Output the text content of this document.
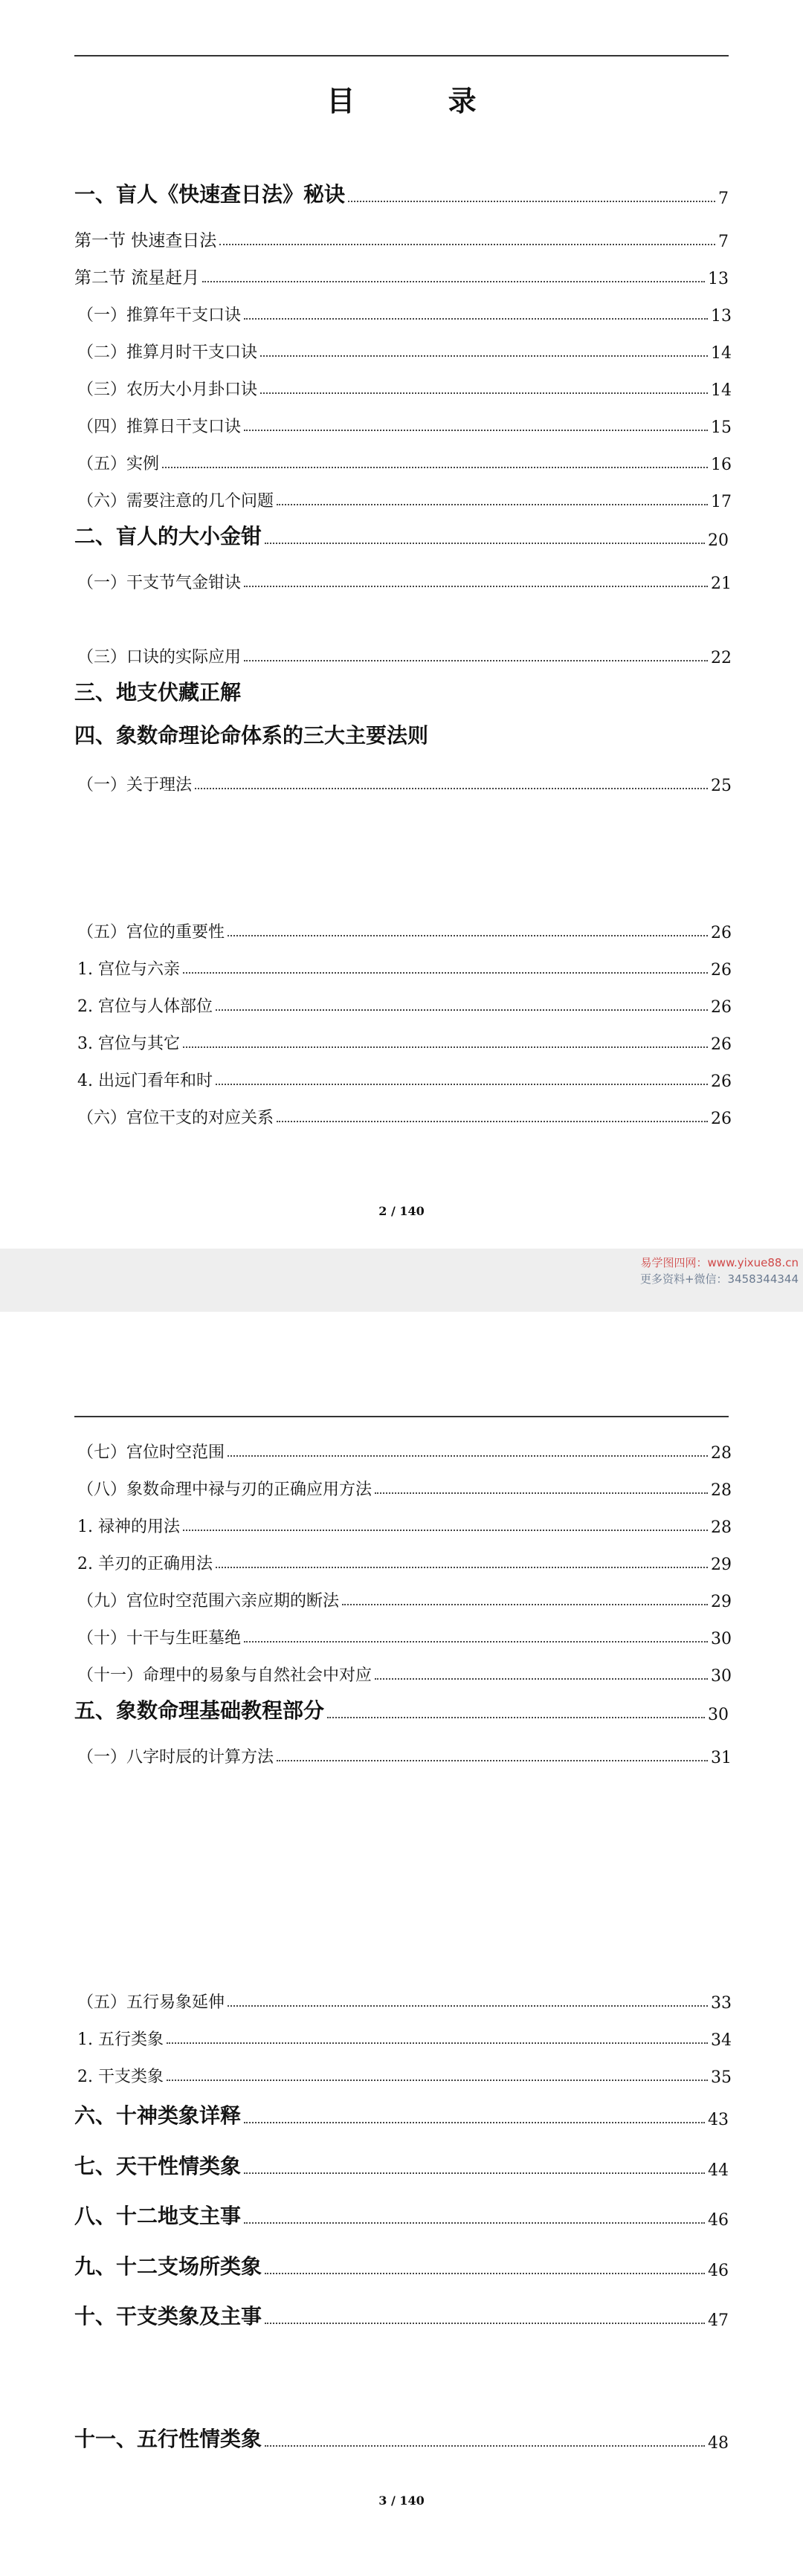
目 录
一、盲人《快速查日法》秘诀	7
第一节 快速查日法	7
第二节 流星赶月	13
（一）推算年干支口诀	13
（二）推算月时干支口诀	14
（三）农历大小月卦口诀	14
（四）推算日干支口诀	15
（五）实例	16
（六）需要注意的几个问题	17
二、盲人的大小金钳	20
（一）干支节气金钳诀	21
（三）口诀的实际应用	22
三、地支伏藏正解
四、象数命理论命体系的三大主要法则
（一）关于理法	25
（五）宫位的重要性	26
1. 宫位与六亲	26
2. 宫位与人体部位	26
3. 宫位与其它	26
4. 出远门看年和时	26
（六）宫位干支的对应关系	26
2 / 140
易学图四网：www.yixue88.cn
更多资料+微信：3458344344
（七）宫位时空范围	28
（八）象数命理中禄与刃的正确应用方法	28
1. 禄神的用法	28
2. 羊刃的正确用法	29
（九）宫位时空范围六亲应期的断法	29
（十）十干与生旺墓绝	30
（十一）命理中的易象与自然社会中对应	30
五、象数命理基础教程部分	30
（一）八字时辰的计算方法	31
（五）五行易象延伸	33
1. 五行类象	34
2. 干支类象	35
六、十神类象详释	43
七、天干性情类象	44
八、十二地支主事	46
九、十二支场所类象	46
十、干支类象及主事	47
十一、五行性情类象	48
3 / 140
